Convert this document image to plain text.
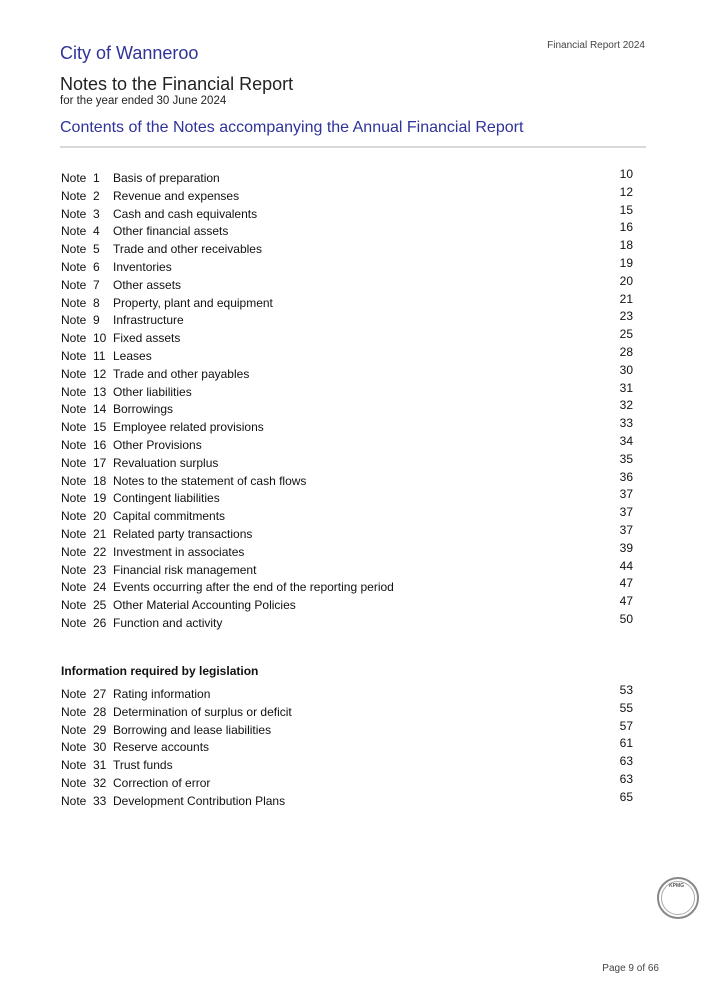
City of Wanneroo	Financial Report 2024
Notes to the Financial Report
for the year ended 30 June 2024
Contents of the Notes accompanying the Annual Financial Report
Note 1 Basis of preparation	10
Note 2 Revenue and expenses	12
Note 3 Cash and cash equivalents	15
Note 4 Other financial assets	16
Note 5 Trade and other receivables	18
Note 6 Inventories	19
Note 7 Other assets	20
Note 8 Property, plant and equipment	21
Note 9 Infrastructure	23
Note 10 Fixed assets	25
Note 11 Leases	28
Note 12 Trade and other payables	30
Note 13 Other liabilities	31
Note 14 Borrowings	32
Note 15 Employee related provisions	33
Note 16 Other Provisions	34
Note 17 Revaluation surplus	35
Note 18 Notes to the statement of cash flows	36
Note 19 Contingent liabilities	37
Note 20 Capital commitments	37
Note 21 Related party transactions	37
Note 22 Investment in associates	39
Note 23 Financial risk management	44
Note 24 Events occurring after the end of the reporting period	47
Note 25 Other Material Accounting Policies	47
Note 26 Function and activity	50
Information required by legislation
Note 27 Rating information	53
Note 28 Determination of surplus or deficit	55
Note 29 Borrowing and lease liabilities	57
Note 30 Reserve accounts	61
Note 31 Trust funds	63
Note 32 Correction of error	63
Note 33 Development Contribution Plans	65
KPMG
Page 9 of 66
